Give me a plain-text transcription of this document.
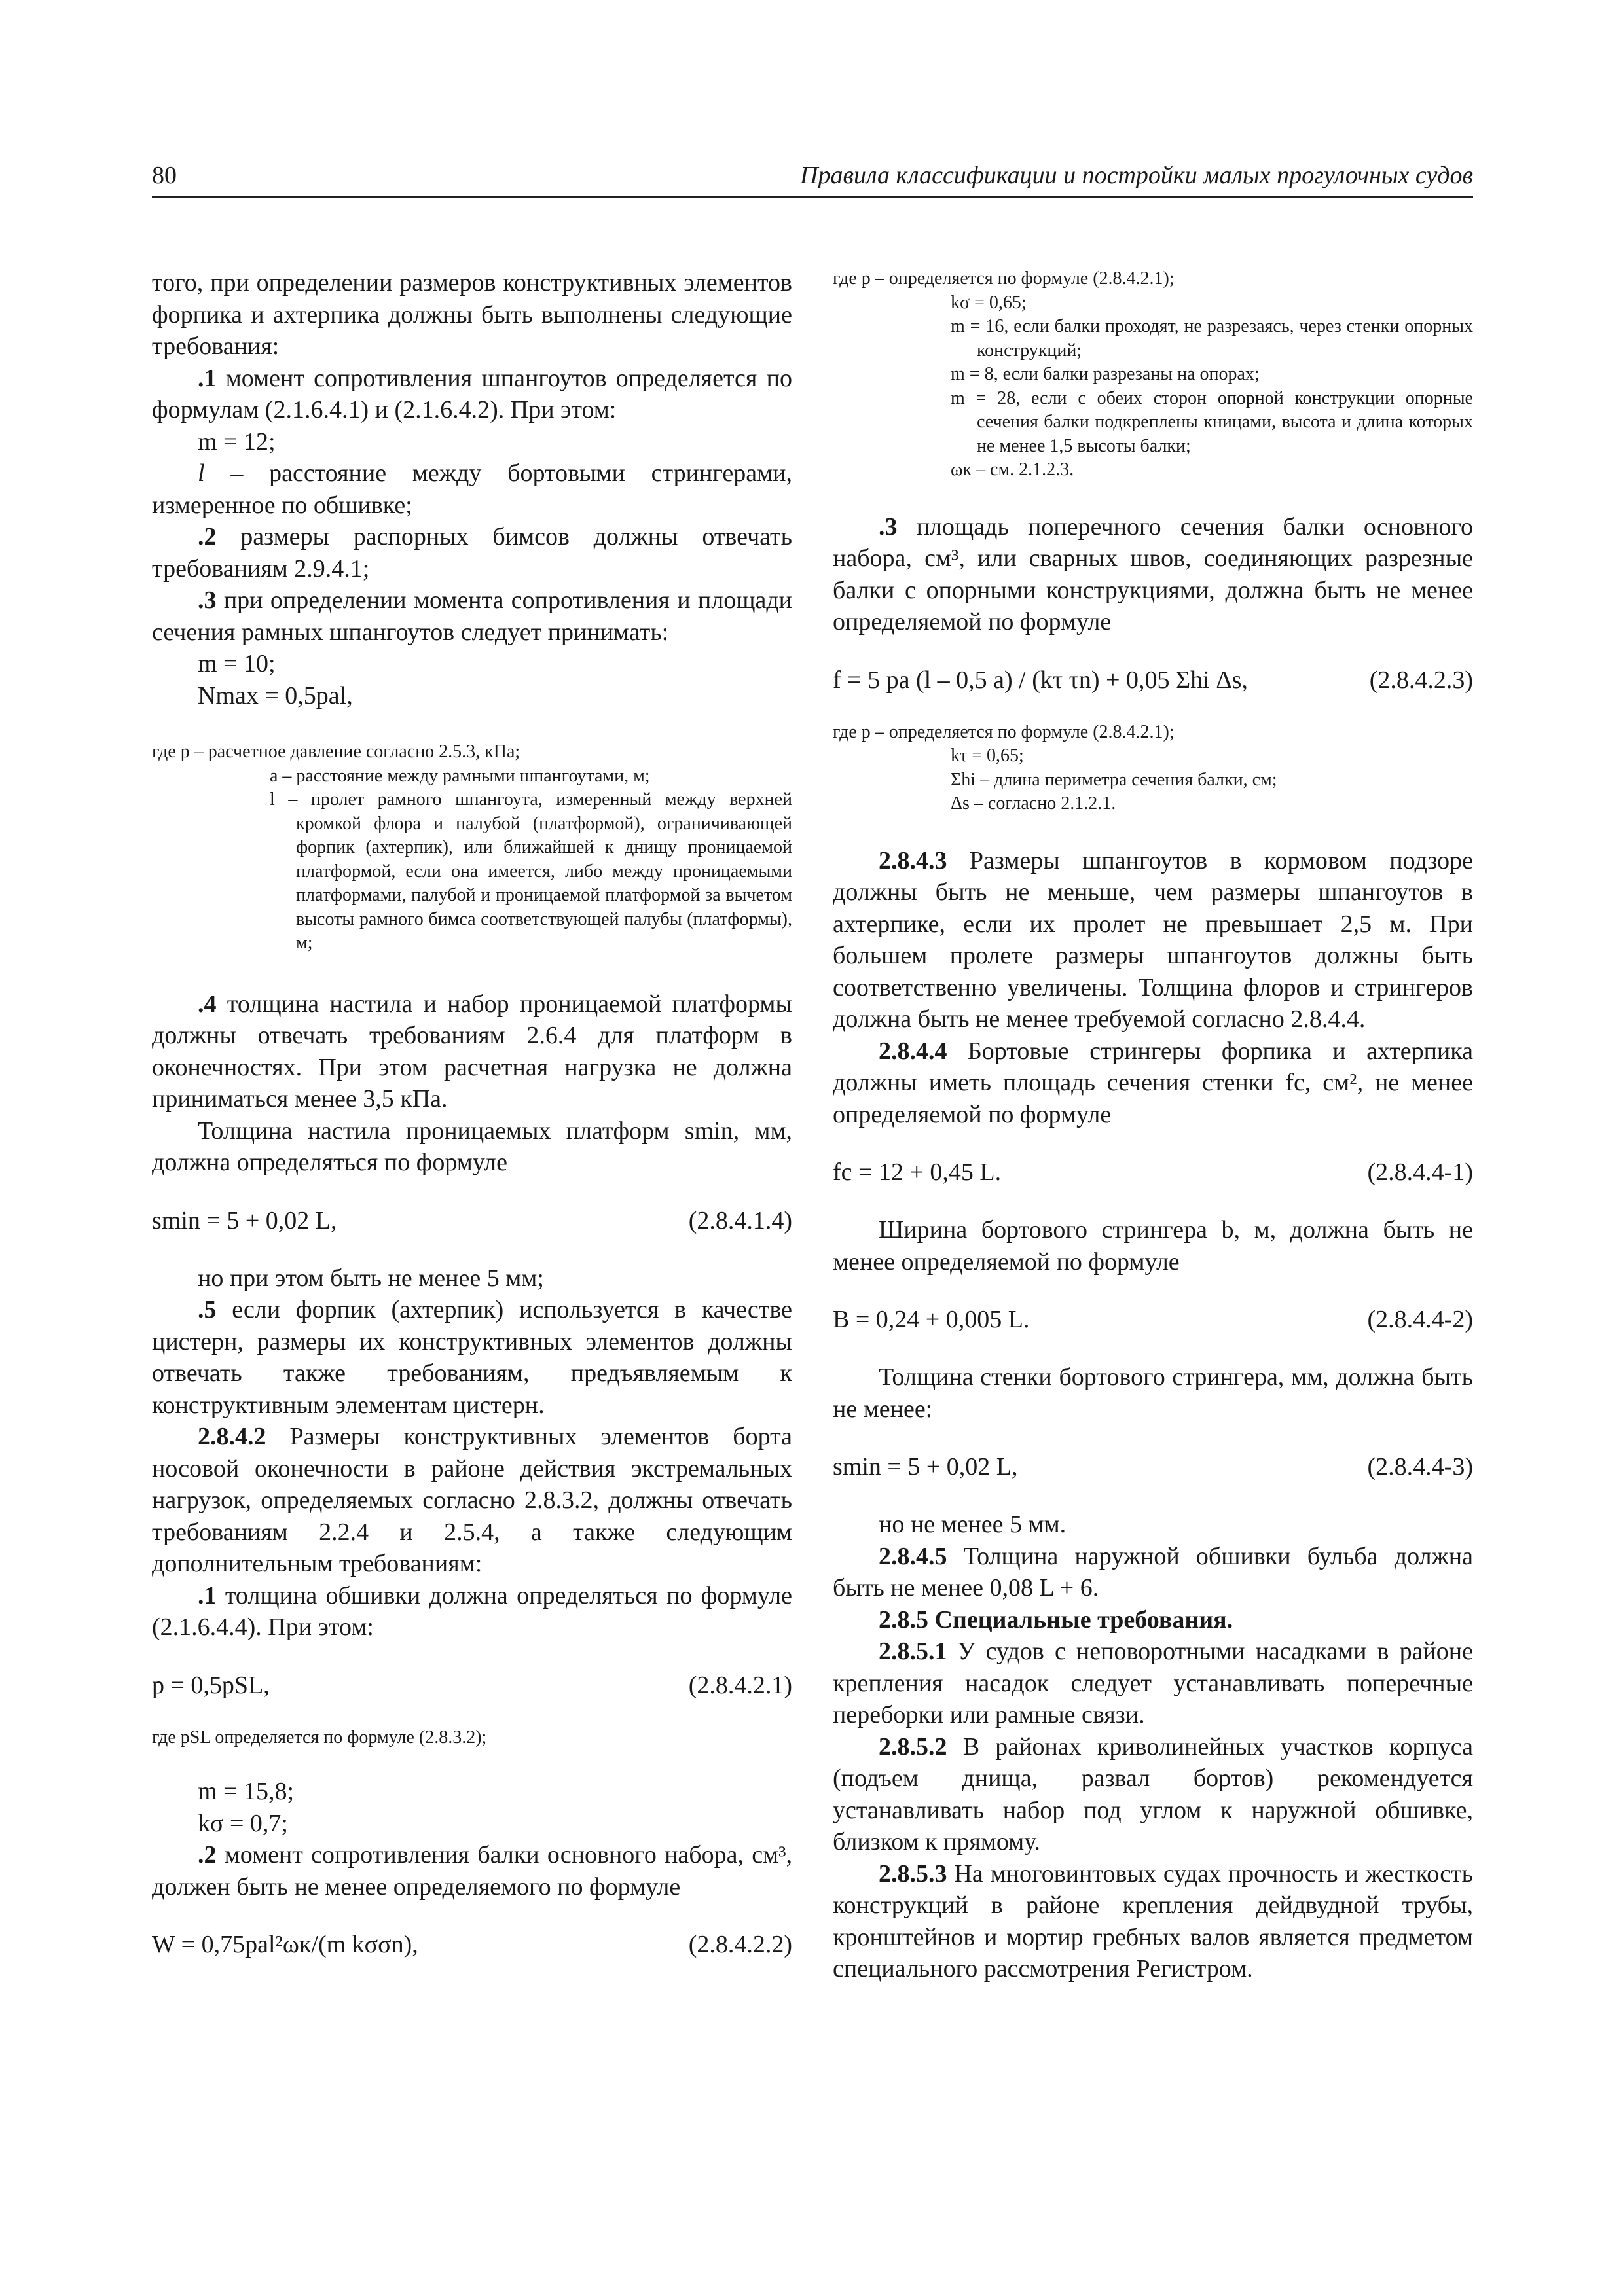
80	Правила классификации и постройки малых прогулочных судов

того, при определении размеров конструктивных элементов форпика и ахтерпика должны быть выполнены следующие требования:

.1 момент сопротивления шпангоутов определяется по формулам (2.1.6.4.1) и (2.1.6.4.2). При этом:

m = 12;

l – расстояние между бортовыми стрингерами, измеренное по обшивке;

.2 размеры распорных бимсов должны отвечать требованиям 2.9.4.1;

.3 при определении момента сопротивления и площади сечения рамных шпангоутов следует принимать:

m = 10;

Nmax = 0,5pal,

где p – расчетное давление согласно 2.5.3, кПа;

a – расстояние между рамными шпангоутами, м;

l – пролет рамного шпангоута, измеренный между верхней кромкой флора и палубой (платформой), ограничивающей форпик (ахтерпик), или ближайшей к днищу проницаемой платформой, если она имеется, либо между проницаемыми платформами, палубой и проницаемой платформой за вычетом высоты рамного бимса соответствующей палубы (платформы), м;

.4 толщина настила и набор проницаемой платформы должны отвечать требованиям 2.6.4 для платформ в оконечностях. При этом расчетная нагрузка не должна приниматься менее 3,5 кПа.

Толщина настила проницаемых платформ smin, мм, должна определяться по формуле

smin = 5 + 0,02 L,	(2.8.4.1.4)

но при этом быть не менее 5 мм;

.5 если форпик (ахтерпик) используется в качестве цистерн, размеры их конструктивных элементов должны отвечать также требованиям, предъявляемым к конструктивным элементам цистерн.

2.8.4.2 Размеры конструктивных элементов борта носовой оконечности в районе действия экстремальных нагрузок, определяемых согласно 2.8.3.2, должны отвечать требованиям 2.2.4 и 2.5.4, а также следующим дополнительным требованиям:

.1 толщина обшивки должна определяться по формуле (2.1.6.4.4). При этом:

p = 0,5pSL,	(2.8.4.2.1)

где pSL определяется по формуле (2.8.3.2);

m = 15,8;

kσ = 0,7;

.2 момент сопротивления балки основного набора, см³, должен быть не менее определяемого по формуле

W = 0,75pal²ωк/(m kσσn),	(2.8.4.2.2)

где p – определяется по формуле (2.8.4.2.1);

kσ = 0,65;

m = 16, если балки проходят, не разрезаясь, через стенки опорных конструкций;

m = 8, если балки разрезаны на опорах;

m = 28, если с обеих сторон опорной конструкции опорные сечения балки подкреплены кницами, высота и длина которых не менее 1,5 высоты балки;

ωк – см. 2.1.2.3.

.3 площадь поперечного сечения балки основного набора, см³, или сварных швов, соединяющих разрезные балки с опорными конструкциями, должна быть не менее определяемой по формуле

f = 5 pa (l – 0,5 a) / (kτ τn) + 0,05 Σhi Δs,	(2.8.4.2.3)

где p – определяется по формуле (2.8.4.2.1);

kτ = 0,65;

Σhi – длина периметра сечения балки, см;

Δs – согласно 2.1.2.1.

2.8.4.3 Размеры шпангоутов в кормовом подзоре должны быть не меньше, чем размеры шпангоутов в ахтерпике, если их пролет не превышает 2,5 м. При большем пролете размеры шпангоутов должны быть соответственно увеличены. Толщина флоров и стрингеров должна быть не менее требуемой согласно 2.8.4.4.

2.8.4.4 Бортовые стрингеры форпика и ахтерпика должны иметь площадь сечения стенки fc, см², не менее определяемой по формуле

fc = 12 + 0,45 L.	(2.8.4.4-1)

Ширина бортового стрингера b, м, должна быть не менее определяемой по формуле

B = 0,24 + 0,005 L.	(2.8.4.4-2)

Толщина стенки бортового стрингера, мм, должна быть не менее:

smin = 5 + 0,02 L,	(2.8.4.4-3)

но не менее 5 мм.

2.8.4.5 Толщина наружной обшивки бульба должна быть не менее 0,08 L + 6.

2.8.5 Специальные требования.

2.8.5.1 У судов с неповоротными насадками в районе крепления насадок следует устанавливать поперечные переборки или рамные связи.

2.8.5.2 В районах криволинейных участков корпуса (подъем днища, развал бортов) рекомендуется устанавливать набор под углом к наружной обшивке, близком к прямому.

2.8.5.3 На многовинтовых судах прочность и жесткость конструкций в районе крепления дейдвудной трубы, кронштейнов и мортир гребных валов является предметом специального рассмотрения Регистром.
